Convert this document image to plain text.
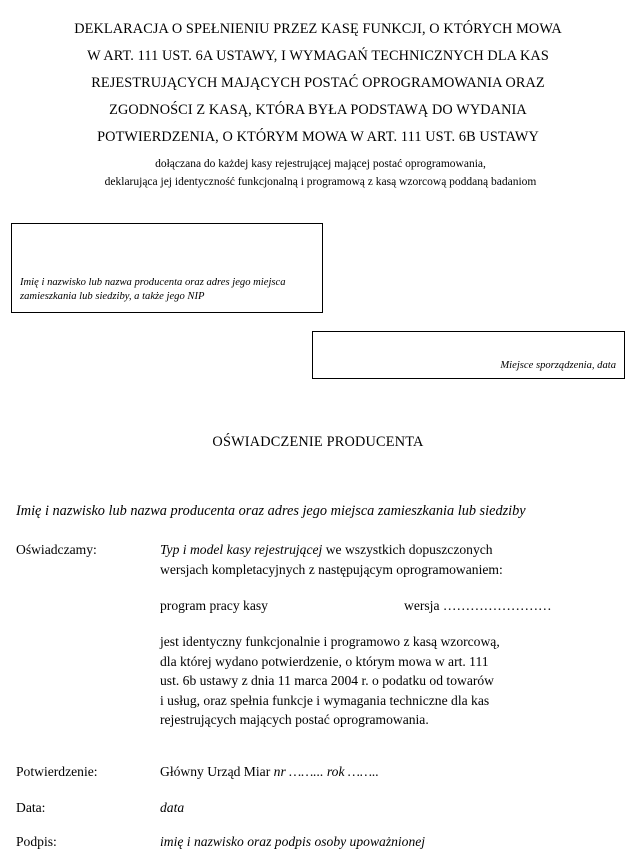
DEKLARACJA O SPEŁNIENIU PRZEZ KASĘ FUNKCJI, O KTÓRYCH MOWA
W ART. 111 UST. 6A USTAWY, I WYMAGAŃ TECHNICZNYCH DLA KAS
REJESTRUJĄCYCH MAJĄCYCH POSTAĆ OPROGRAMOWANIA ORAZ
ZGODNOŚCI Z KASĄ, KTÓRA BYŁA PODSTAWĄ DO WYDANIA
POTWIERDZENIA, O KTÓRYM MOWA W ART. 111 UST. 6B USTAWY
dołączana do każdej kasy rejestrującej mającej postać oprogramowania,
deklarująca jej identyczność funkcjonalną i programową z kasą wzorcową poddaną badaniom
Imię i nazwisko lub nazwa producenta oraz adres jego miejsca zamieszkania lub siedziby, a także jego NIP
Miejsce sporządzenia, data
OŚWIADCZENIE PRODUCENTA
Imię i nazwisko lub nazwa producenta oraz adres jego miejsca zamieszkania lub siedziby
Oświadczamy:	Typ i model kasy rejestrującej we wszystkich dopuszczonych
wersjach kompletacyjnych z następującym oprogramowaniem:
program pracy kasy	wersja ……………………
jest identyczny funkcjonalnie i programowo z kasą wzorcową,
dla której wydano potwierdzenie, o którym mowa w art. 111
ust. 6b ustawy z dnia 11 marca 2004 r. o podatku od towarów
i usług, oraz spełnia funkcje i wymagania techniczne dla kas
rejestrujących mających postać oprogramowania.
Potwierdzenie:	Główny Urząd Miar nr ……... rok ……..
Data:	data
Podpis:	imię i nazwisko oraz podpis osoby upoważnionej
